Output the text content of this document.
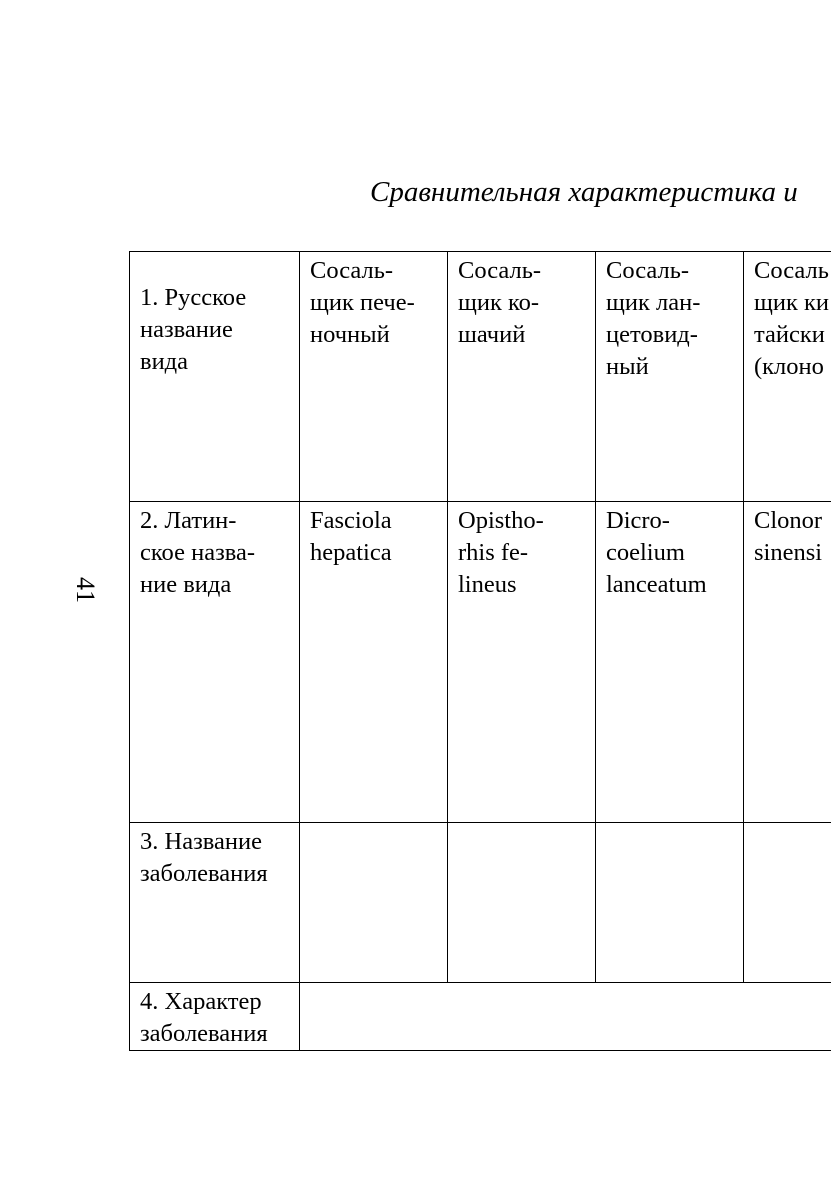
41
Сравнительная характеристика и
1. Русское
название
вида	Сосаль-
щик пече-
ночный	Сосаль-
щик ко-
шачий	Сосаль-
щик лан-
цетовид-
ный	Сосаль
щик ки
тайски
(клоно

2. Латин-
ское назва-
ние вида	Fasciola
hepatica	Opistho-
rhis fe-
lineus	Dicro-
coelium
lanceatum	Clonor
sinensi

3. Название
заболевания				

4. Характер
заболевания				
